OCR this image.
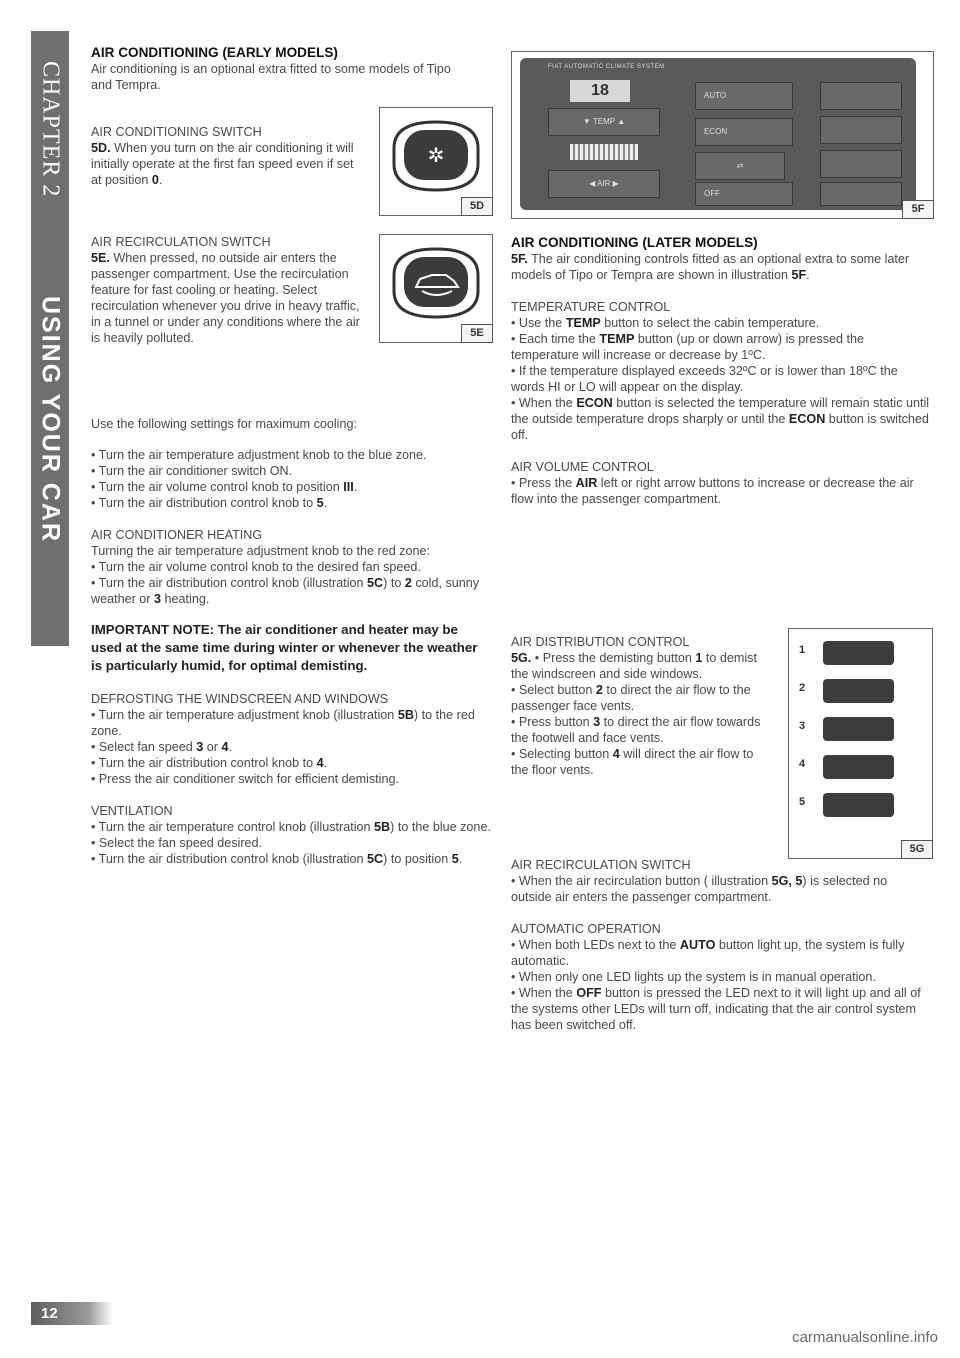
CHAPTER 2
USING YOUR CAR

AIR CONDITIONING (EARLY MODELS)

Air conditioning is an optional extra fitted to some models of Tipo and Tempra.

AIR CONDITIONING SWITCH

5D. When you turn on the air conditioning it will initially operate at the first fan speed even if set at position 0.

✲
5D

AIR RECIRCULATION SWITCH

5E. When pressed, no outside air enters the passenger compartment. Use the recirculation feature for fast cooling or heating. Select recirculation whenever you drive in heavy traffic, in a tunnel or under any conditions where the air is heavily polluted.	5E

Use the following settings for maximum cooling:

• Turn the air temperature adjustment knob to the blue zone.

• Turn the air conditioner switch ON.

• Turn the air volume control knob to position III.

• Turn the air distribution control knob to 5.

AIR CONDITIONER HEATING

Turning the air temperature adjustment knob to the red zone:

• Turn the air volume control knob to the desired fan speed.

• Turn the air distribution control knob (illustration 5C) to 2 cold, sunny weather or 3 heating.

IMPORTANT NOTE: The air conditioner and heater may be used at the same time during winter or whenever the weather is particularly humid, for optimal demisting.

DEFROSTING THE WINDSCREEN AND WINDOWS

• Turn the air temperature adjustment knob (illustration 5B) to the red zone.

• Select fan speed 3 or 4.

• Turn the air distribution control knob to 4.

• Press the air conditioner switch for efficient demisting.

VENTILATION

• Turn the air temperature control knob (illustration 5B) to the blue zone.

• Select the fan speed desired.

• Turn the air distribution control knob (illustration 5C) to position 5.

FIAT AUTOMATIC CLIMATE SYSTEM
18
▼ TEMP ▲
◀ AIR ▶
AUTO
ECON
⇄
OFF
5F

AIR CONDITIONING (LATER MODELS)

5F. The air conditioning controls fitted as an optional extra to some later models of Tipo or Tempra are shown in illustration 5F.

TEMPERATURE CONTROL

• Use the TEMP button to select the cabin temperature.

• Each time the TEMP button (up or down arrow) is pressed the temperature will increase or decrease by 1ºC.

• If the temperature displayed exceeds 32ºC or is lower than 18ºC the words HI or LO will appear on the display.

• When the ECON button is selected the temperature will remain static until the outside temperature drops sharply or until the ECON button is switched off.

AIR VOLUME CONTROL

• Press the AIR left or right arrow buttons to increase or decrease the air flow into the passenger compartment.

AIR DISTRIBUTION CONTROL

5G. • Press the demisting button 1 to demist the windscreen and side windows.

• Select button 2 to direct the air flow to the passenger face vents.

• Press button 3 to direct the air flow towards the footwell and face vents.

• Selecting button 4 will direct the air flow to the floor vents.

1
2
3
4
5
5G

AIR RECIRCULATION SWITCH

• When the air recirculation button ( illustration 5G, 5) is selected no outside air enters the passenger compartment.

AUTOMATIC OPERATION

• When both LEDs next to the AUTO button light up, the system is fully automatic.

• When only one LED lights up the system is in manual operation.

• When the OFF button is pressed the LED next to it will light up and all of the systems other LEDs will turn off, indicating that the air control system has been switched off.

12
carmanualsonline.info
